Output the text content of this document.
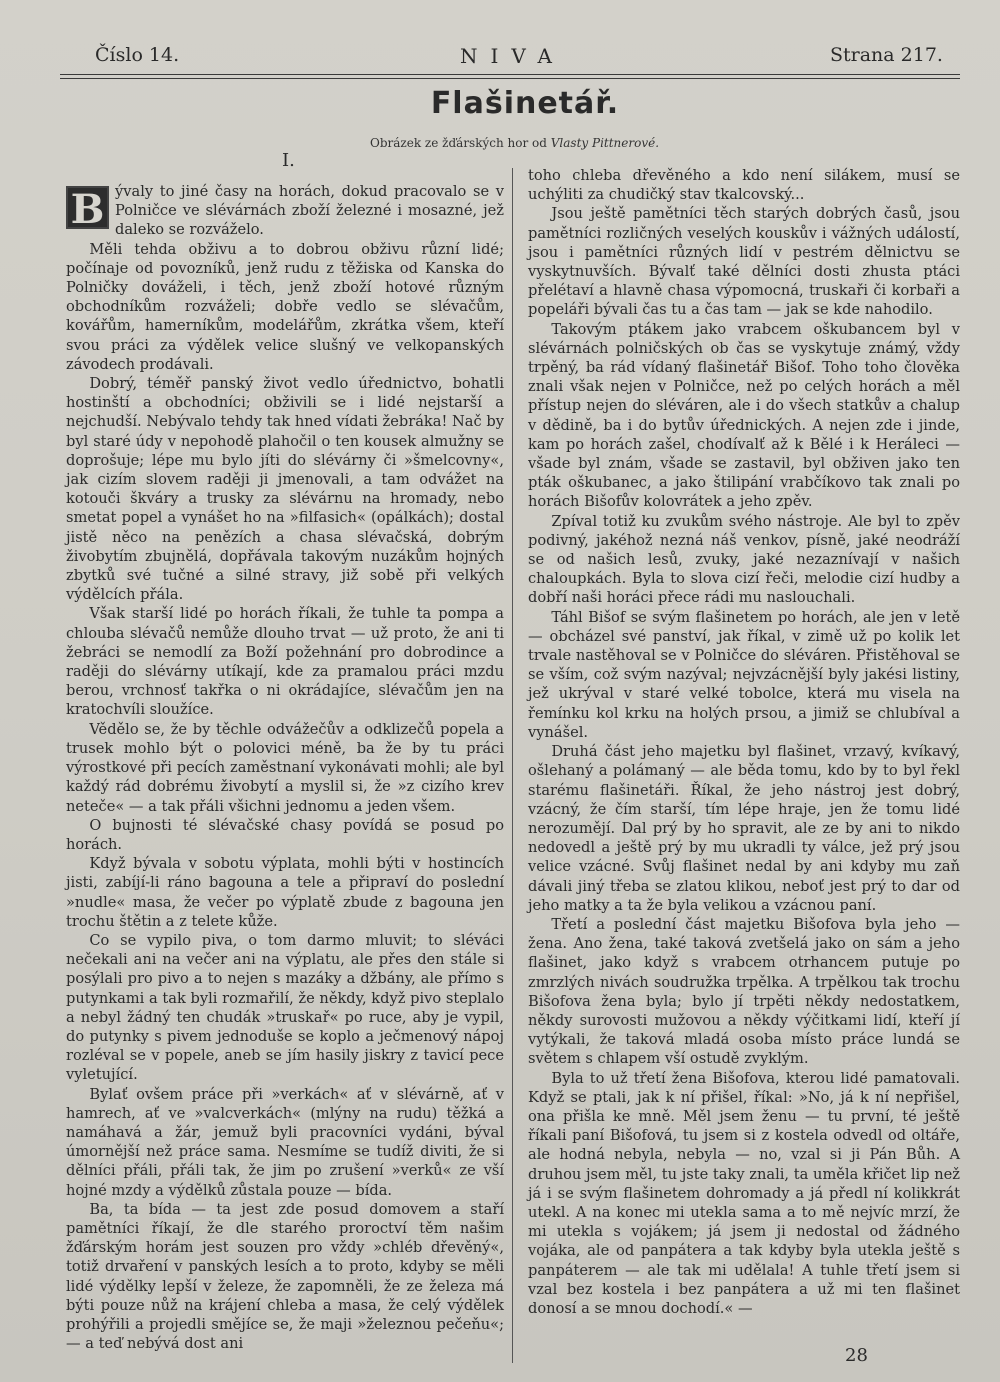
Číslo 14.	NIVA	Strana 217.
Flašinetář.
Obrázek ze žďárských hor od Vlasty Pittnerové.
I.

B ývaly to jiné časy na horách, dokud pracovalo se v Polničce ve slévárnách zboží železné i mosazné, jež daleko se rozváželo.

Měli tehda obživu a to dobrou obživu různí lidé; počínaje od povozníků, jenž rudu z těžiska od Kanska do Polničky dováželi, i těch, jenž zboží hotové různým obchodníkům rozváželi; dobře vedlo se slévačům, kovářům, hamerníkům, modelářům, zkrátka všem, kteří svou práci za výdělek velice slušný ve velkopanských závodech prodávali.

Dobrý, téměř panský život vedlo úřednictvo, bohatli hostinští a obchodníci; obživili se i lidé nejstarší a nejchudší. Nebývalo tehdy tak hned vídati žebráka! Nač by byl staré údy v nepohodě plahočil o ten kousek almužny se doprošuje; lépe mu bylo jíti do slévárny či »šmelcovny«, jak cizím slovem raději ji jmenovali, a tam odvážet na kotouči škváry a trusky za slévárnu na hromady, nebo smetat popel a vynášet ho na »filfasich« (opálkách); dostal jistě něco na penězích a chasa slévačská, dobrým živobytím zbujnělá, dopřávala takovým nuzákům hojných zbytků své tučné a silné stravy, již sobě při velkých výdělcích přála.

Však starší lidé po horách říkali, že tuhle ta pompa a chlouba slévačů nemůže dlouho trvat — už proto, že ani ti žebráci se nemodlí za Boží požehnání pro dobrodince a raději do slévárny utíkají, kde za pramalou práci mzdu berou, vrchnosť takřka o ni okrádajíce, slévačům jen na kratochvíli sloužíce.

Vědělo se, že by těchle odvážečův a odklizečů popela a trusek mohlo být o polovici méně, ba že by tu práci výrostkové při pecích zaměstnaní vykonávati mohli; ale byl každý rád dobrému živobytí a myslil si, že »z cizího krev neteče« — a tak přáli všichni jednomu a jeden všem.

O bujnosti té slévačské chasy povídá se posud po horách.

Když bývala v sobotu výplata, mohli býti v hostincích jisti, zabíjí-li ráno bagouna a tele a připraví do poslední »nudle« masa, že večer po výplatě zbude z bagouna jen trochu štětin a z telete kůže.

Co se vypilo piva, o tom darmo mluvit; to sléváci nečekali ani na večer ani na výplatu, ale přes den stále si posýlali pro pivo a to nejen s mazáky a džbány, ale přímo s putynkami a tak byli rozmařilí, že někdy, když pivo steplalo a nebyl žádný ten chudák »truskař« po ruce, aby je vypil, do putynky s pivem jednoduše se koplo a ječmenový nápoj rozléval se v popele, aneb se jím hasily jiskry z tavicí pece vyletující.

Bylať ovšem práce při »verkách« ať v slévárně, ať v hamrech, ať ve »valcverkách« (mlýny na rudu) těžká a namáhavá a žár, jemuž byli pracovníci vydáni, býval úmornější než práce sama. Nesmíme se tudíž diviti, že si dělníci přáli, přáli tak, že jim po zrušení »verků« ze vší hojné mzdy a výdělků zůstala pouze — bída.

Ba, ta bída — ta jest zde posud domovem a staří pamětníci říkají, že dle starého proroctví těm našim žďárským horám jest souzen pro vždy »chléb dřevěný«, totiž drvaření v panských lesích a to proto, kdyby se měli lidé výdělky lepší v železe, že zapomněli, že ze železa má býti pouze nůž na krájení chleba a masa, že celý výdělek prohýřili a projedli smějíce se, že maji »železnou pečeňu«; — a teď nebývá dost ani

toho chleba dřevěného a kdo není silákem, musí se uchýliti za chudičký stav tkalcovský...

Jsou ještě pamětníci těch starých dobrých časů, jsou pamětníci rozličných veselých kouskův i vážných událostí, jsou i pamětníci různých lidí v pestrém dělnictvu se vyskytnuvších. Bývalť také dělníci dosti zhusta ptáci přelétaví a hlavně chasa výpomocná, truskaři či korbaři a popeláři bývali čas tu a čas tam — jak se kde nahodilo.

Takovým ptákem jako vrabcem oškubancem byl v slévárnách polničských ob čas se vyskytuje známý, vždy trpěný, ba rád vídaný flašinetář Bišof. Toho toho člověka znali však nejen v Polničce, než po celých horách a měl přístup nejen do sléváren, ale i do všech statkův a chalup v dědině, ba i do bytův úřednických. A nejen zde i jinde, kam po horách zašel, chodívalť až k Bělé i k Heráleci — všade byl znám, všade se zastavil, byl obživen jako ten pták oškubanec, a jako štilipání vrabčíkovo tak znali po horách Bišofův kolovrátek a jeho zpěv.

Zpíval totiž ku zvukům svého nástroje. Ale byl to zpěv podivný, jakéhož nezná náš venkov, písně, jaké neodráží se od našich lesů, zvuky, jaké nezaznívají v našich chaloupkách. Byla to slova cizí řeči, melodie cizí hudby a dobří naši horáci přece rádi mu naslouchali.

Táhl Bišof se svým flašinetem po horách, ale jen v letě — obcházel své panství, jak říkal, v zimě už po kolik let trvale nastěhoval se v Polničce do sléváren. Přistěhoval se se vším, což svým nazýval; nejvzácnější byly jakési listiny, jež ukrýval v staré velké tobolce, která mu visela na řemínku kol krku na holých prsou, a jimiž se chlubíval a vynášel.

Druhá část jeho majetku byl flašinet, vrzavý, kvíkavý, ošlehaný a polámaný — ale běda tomu, kdo by to byl řekl starému flašinetáři. Říkal, že jeho nástroj jest dobrý, vzácný, že čím starší, tím lépe hraje, jen že tomu lidé nerozumějí. Dal prý by ho spravit, ale ze by ani to nikdo nedovedl a ještě prý by mu ukradli ty válce, jež prý jsou velice vzácné. Svůj flašinet nedal by ani kdyby mu zaň dávali jiný třeba se zlatou klikou, neboť jest prý to dar od jeho matky a ta že byla velikou a vzácnou paní.

Třetí a poslední část majetku Bišofova byla jeho — žena. Ano žena, také taková zvetšelá jako on sám a jeho flašinet, jako když s vrabcem otrhancem putuje po zmrzlých nivách soudružka trpělka. A trpělkou tak trochu Bišofova žena byla; bylo jí trpěti někdy nedostatkem, někdy surovosti mužovou a někdy výčitkami lidí, kteří jí vytýkali, že taková mladá osoba místo práce lundá se světem s chlapem vší ostudě zvyklým.

Byla to už třetí žena Bišofova, kterou lidé pamatovali. Když se ptali, jak k ní přišel, říkal: »No, já k ní nepřišel, ona přišla ke mně. Měl jsem ženu — tu první, té ještě říkali paní Bišofová, tu jsem si z kostela odvedl od oltáře, ale hodná nebyla, nebyla — no, vzal si ji Pán Bůh. A druhou jsem měl, tu jste taky znali, ta uměla křičet lip než já i se svým flašinetem dohromady a já předl ní kolikkrát utekl. A na konec mi utekla sama a to mě nejvíc mrzí, že mi utekla s vojákem; já jsem ji nedostal od žádného vojáka, ale od panpátera a tak kdyby byla utekla ještě s panpáterem — ale tak mi udělala! A tuhle třetí jsem si vzal bez kostela i bez panpátera a už mi ten flašinet donosí a se mnou dochodí.« —

28
